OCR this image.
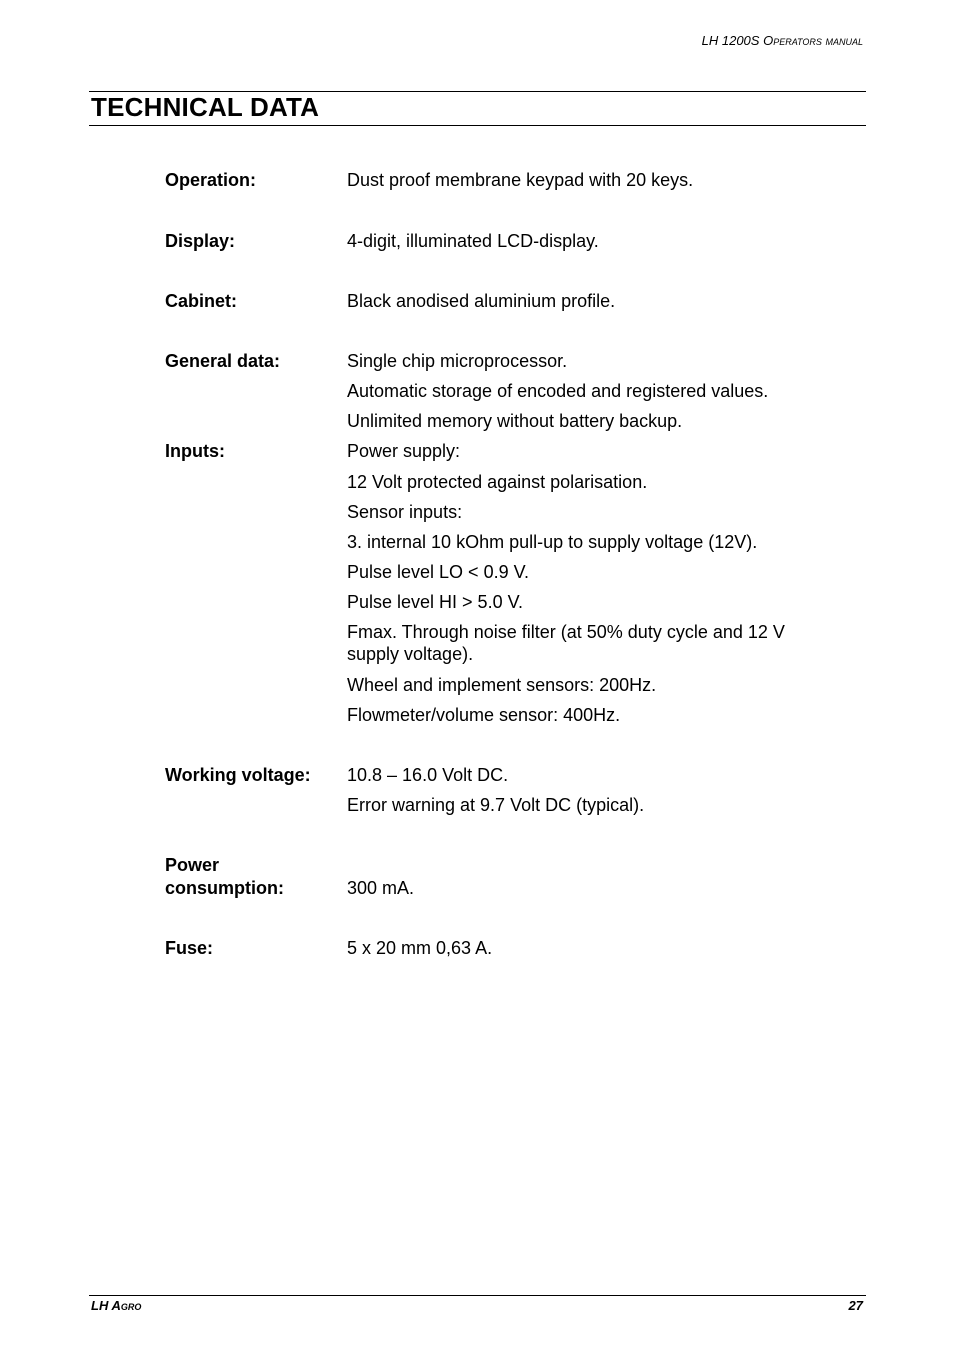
LH 1200S Operators manual
TECHNICAL DATA
Operation:	Dust proof membrane keypad with 20 keys.
Display:	4-digit, illuminated LCD-display.
Cabinet:	Black anodised aluminium profile.
General data:	Single chip microprocessor.
Automatic storage of encoded and registered values.
Unlimited memory without battery backup.
Inputs:	Power supply:
12 Volt protected against polarisation.
Sensor inputs:
3. internal 10 kOhm pull-up to supply voltage (12V).
Pulse level LO < 0.9 V.
Pulse level HI > 5.0 V.
Fmax. Through noise filter (at 50% duty cycle and 12 V supply voltage).
Wheel and implement sensors: 200Hz.
Flowmeter/volume sensor: 400Hz.
Working voltage:	10.8 – 16.0 Volt DC.
Error warning at 9.7 Volt DC (typical).
Power
consumption:	300 mA.
Fuse:	5 x 20 mm 0,63 A.
LH Agro	27
